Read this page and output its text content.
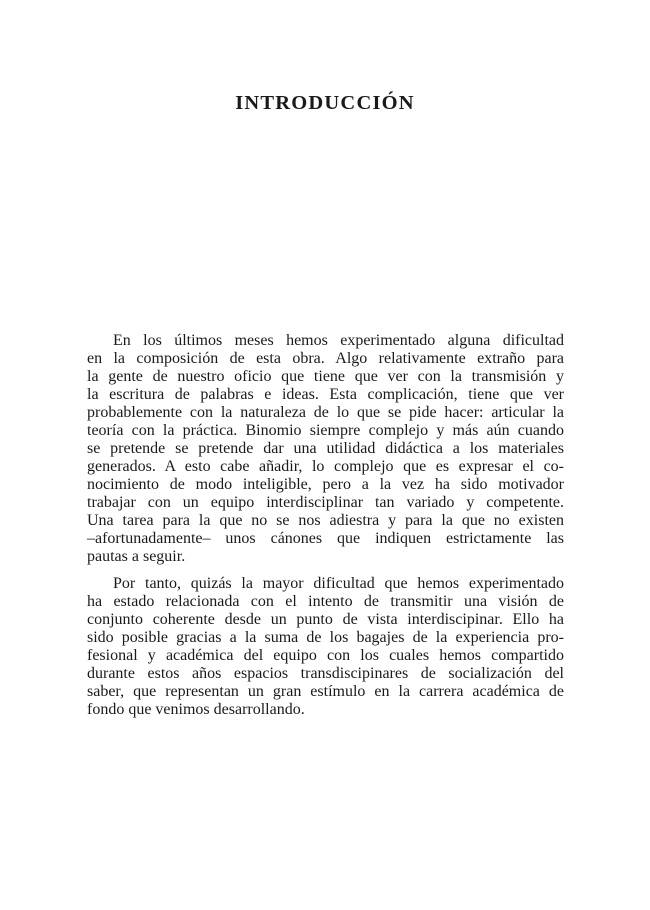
INTRODUCCIÓN
En los últimos meses hemos experimentado alguna dificultad
en la composición de esta obra. Algo relativamente extraño para
la gente de nuestro oficio que tiene que ver con la transmisión y
la escritura de palabras e ideas. Esta complicación, tiene que ver
probablemente con la naturaleza de lo que se pide hacer: articular la
teoría con la práctica. Binomio siempre complejo y más aún cuando
se pretende se pretende dar una utilidad didáctica a los materiales
generados. A esto cabe añadir, lo complejo que es expresar el co-
nocimiento de modo inteligible, pero a la vez ha sido motivador
trabajar con un equipo interdisciplinar tan variado y competente.
Una tarea para la que no se nos adiestra y para la que no existen
–afortunadamente– unos cánones que indiquen estrictamente las
pautas a seguir.
Por tanto, quizás la mayor dificultad que hemos experimentado
ha estado relacionada con el intento de transmitir una visión de
conjunto coherente desde un punto de vista interdiscipinar. Ello ha
sido posible gracias a la suma de los bagajes de la experiencia pro-
fesional y académica del equipo con los cuales hemos compartido
durante estos años espacios transdiscipinares de socialización del
saber, que representan un gran estímulo en la carrera académica de
fondo que venimos desarrollando.
